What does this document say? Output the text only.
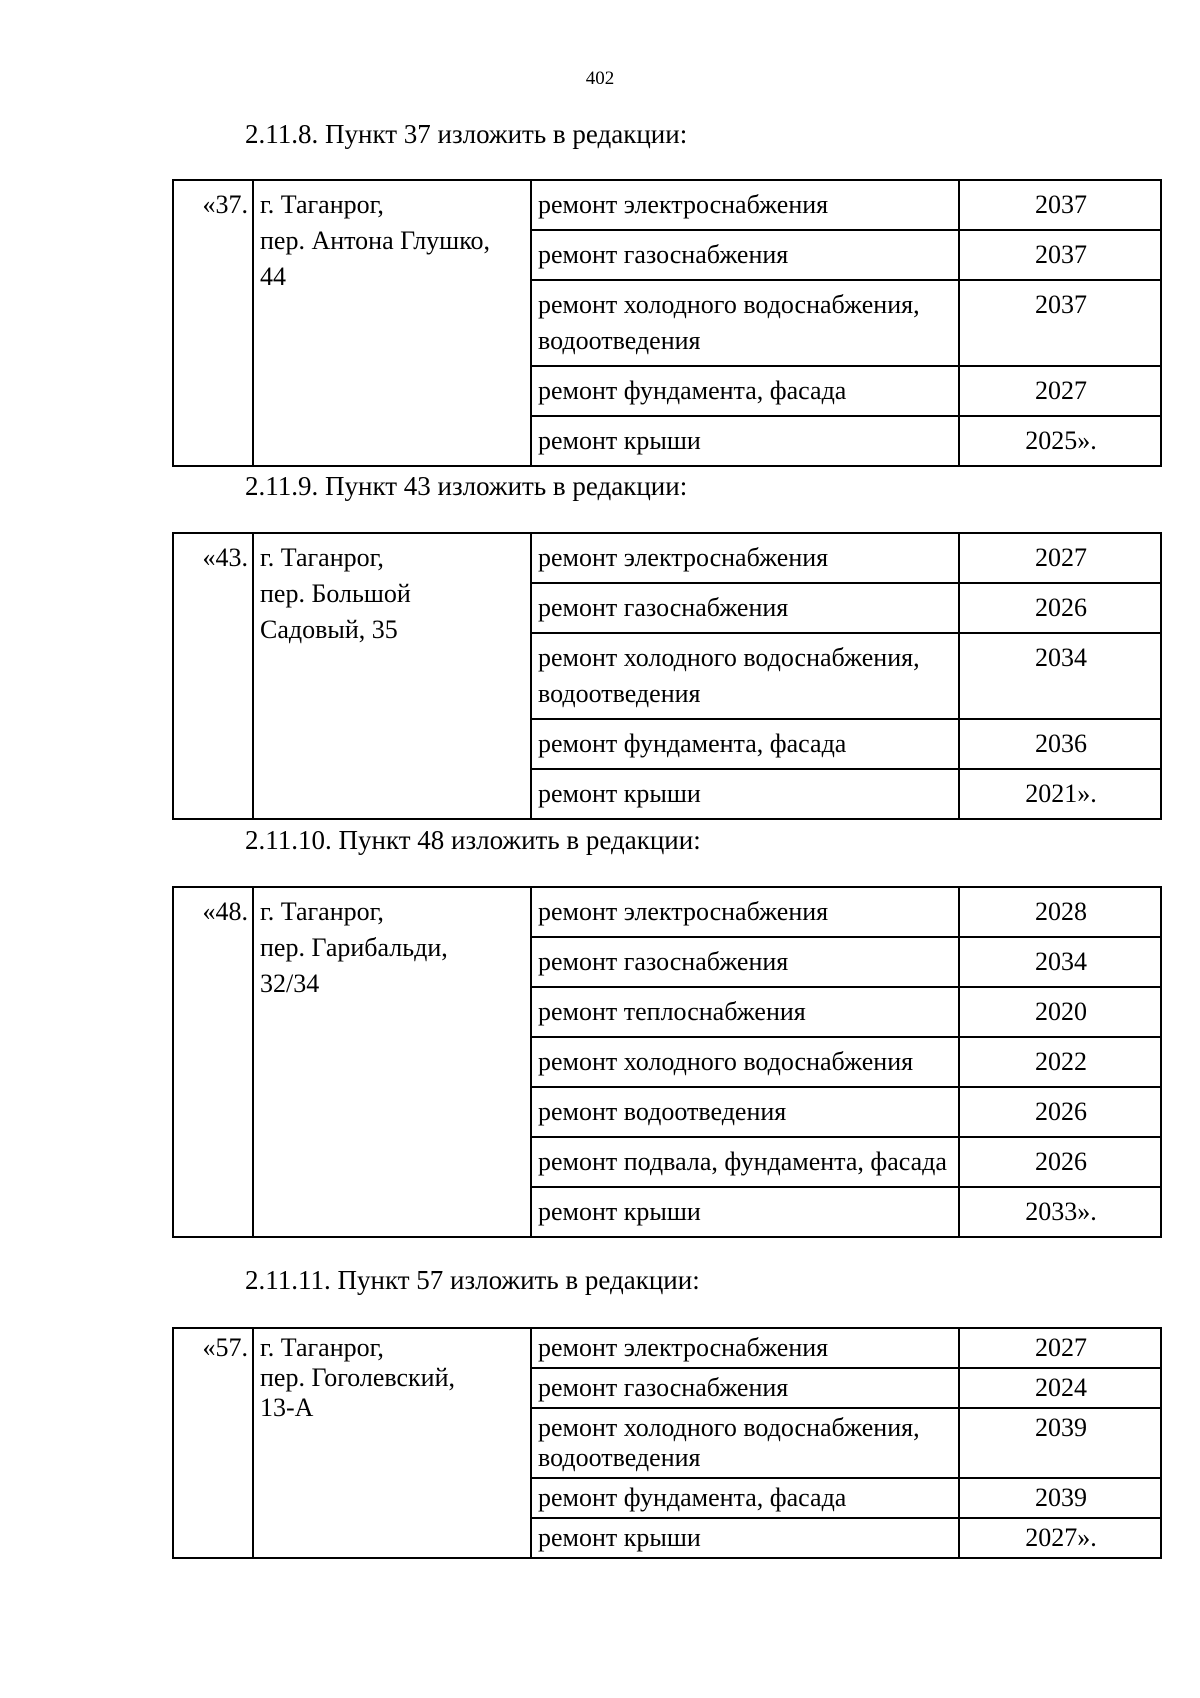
402
2.11.8. Пункт 37 изложить в редакции:
«37.	г. Таганрог,
пер. Антона Глушко,
44	ремонт электроснабжения	2037
		ремонт газоснабжения	2037
		ремонт холодного водоснабжения, водоотведения	2037
		ремонт фундамента, фасада	2027
		ремонт крыши	2025».
2.11.9. Пункт 43 изложить в редакции:
«43.	г. Таганрог,
пер. Большой
Садовый, 35	ремонт электроснабжения	2027
		ремонт газоснабжения	2026
		ремонт холодного водоснабжения, водоотведения	2034
		ремонт фундамента, фасада	2036
		ремонт крыши	2021».
2.11.10. Пункт 48 изложить в редакции:
«48.	г. Таганрог,
пер. Гарибальди,
32/34	ремонт электроснабжения	2028
		ремонт газоснабжения	2034
		ремонт теплоснабжения	2020
		ремонт холодного водоснабжения	2022
		ремонт водоотведения	2026
		ремонт подвала, фундамента, фасада	2026
		ремонт крыши	2033».
2.11.11. Пункт 57 изложить в редакции:
«57.	г. Таганрог,
пер. Гоголевский,
13-А	ремонт электроснабжения	2027
		ремонт газоснабжения	2024
		ремонт холодного водоснабжения, водоотведения	2039
		ремонт фундамента, фасада	2039
		ремонт крыши	2027».
